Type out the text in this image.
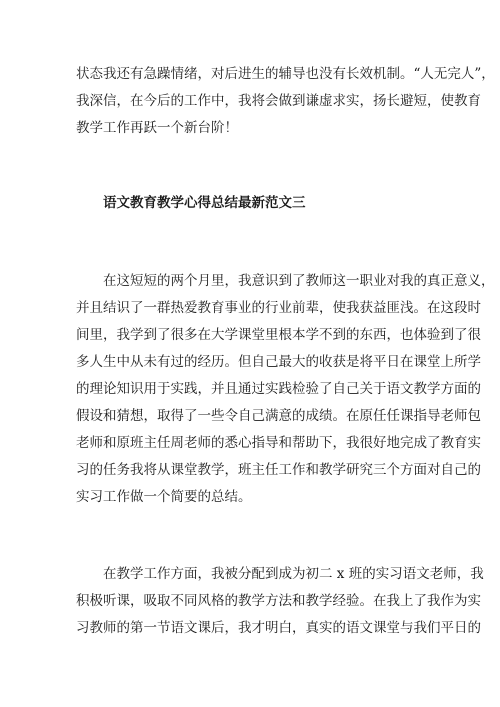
状态我还有急躁情绪，对后进生的辅导也没有长效机制。“人无完人”，
我深信，在今后的工作中，我将会做到谦虚求实，扬长避短，使教育
教学工作再跃一个新台阶！

语文教育教学心得总结最新范文三

在这短短的两个月里，我意识到了教师这一职业对我的真正意义，
并且结识了一群热爱教育事业的行业前辈，使我获益匪浅。在这段时
间里，我学到了很多在大学课堂里根本学不到的东西，也体验到了很
多人生中从未有过的经历。但自己最大的收获是将平日在课堂上所学
的理论知识用于实践，并且通过实践检验了自己关于语文教学方面的
假设和猜想，取得了一些令自己满意的成绩。在原任任课指导老师包
老师和原班主任周老师的悉心指导和帮助下，我很好地完成了教育实
习的任务我将从课堂教学，班主任工作和教学研究三个方面对自己的
实习工作做一个简要的总结。

在教学工作方面，我被分配到成为初二 x 班的实习语文老师，我
积极听课，吸取不同风格的教学方法和教学经验。在我上了我作为实
习教师的第一节语文课后，我才明白，真实的语文课堂与我们平日的
